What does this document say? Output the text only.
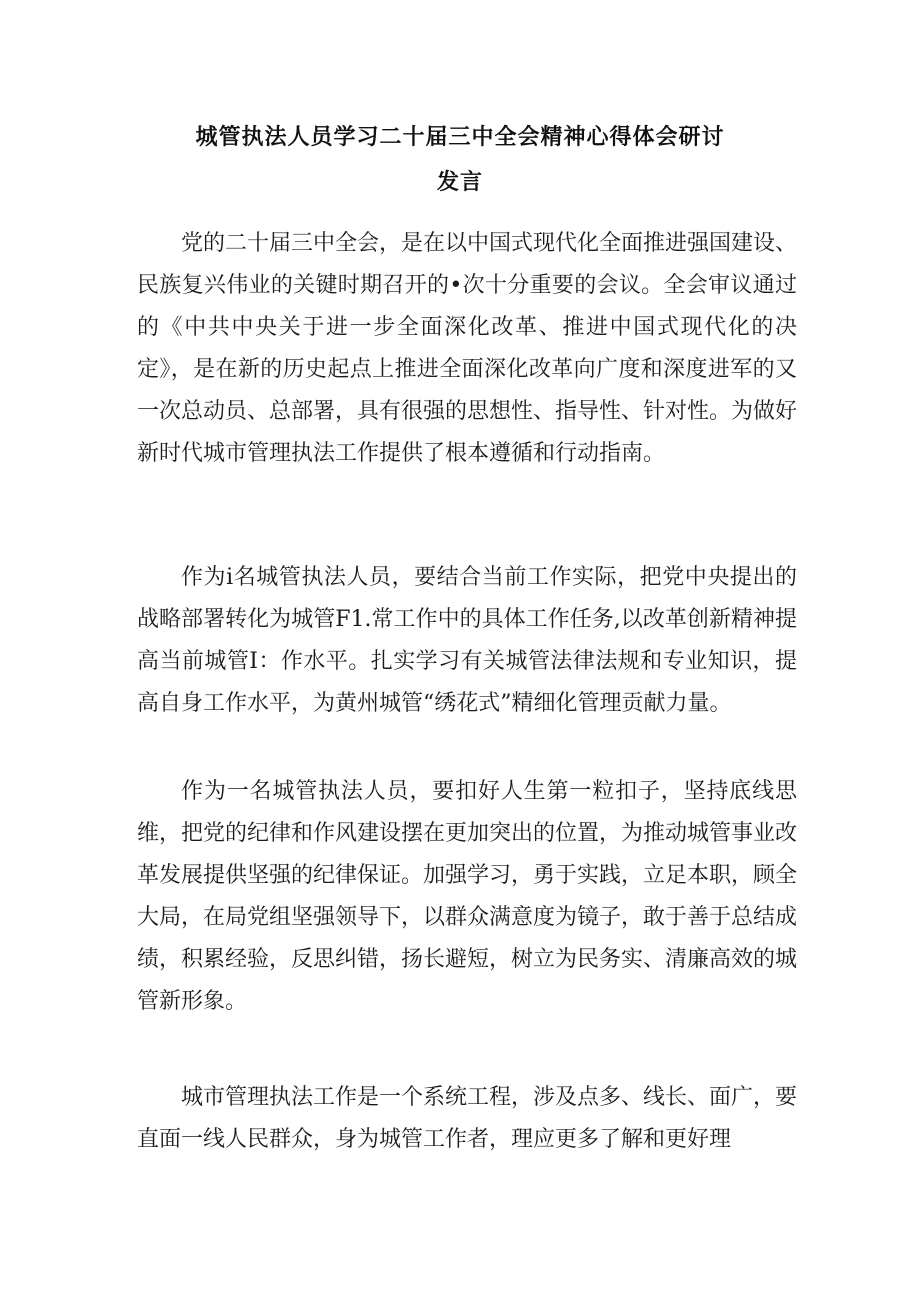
城管执法人员学习二十届三中全会精神心得体会研讨
发言

党的二十届三中全会，是在以中国式现代化全面推进强国建设、民族复兴伟业的关键时期召开的•次十分重要的会议。全会审议通过的《中共中央关于进一步全面深化改革、推进中国式现代化的决定》，是在新的历史起点上推进全面深化改革向广度和深度进军的又一次总动员、总部署，具有很强的思想性、指导性、针对性。为做好新时代城市管理执法工作提供了根本遵循和行动指南。

作为i名城管执法人员，要结合当前工作实际，把党中央提出的战略部署转化为城管F1.常工作中的具体工作任务,以改革创新精神提高当前城管I：作水平。扎实学习有关城管法律法规和专业知识，提高自身工作水平，为黄州城管“绣花式”精细化管理贡献力量。

作为一名城管执法人员，要扣好人生第一粒扣子，坚持底线思维，把党的纪律和作风建设摆在更加突出的位置，为推动城管事业改革发展提供坚强的纪律保证。加强学习，勇于实践，立足本职，顾全大局，在局党组坚强领导下，以群众满意度为镜子，敢于善于总结成绩，积累经验，反思纠错，扬长避短，树立为民务实、清廉高效的城管新形象。

城市管理执法工作是一个系统工程，涉及点多、线长、面广，要直面一线人民群众，身为城管工作者，理应更多了解和更好理
